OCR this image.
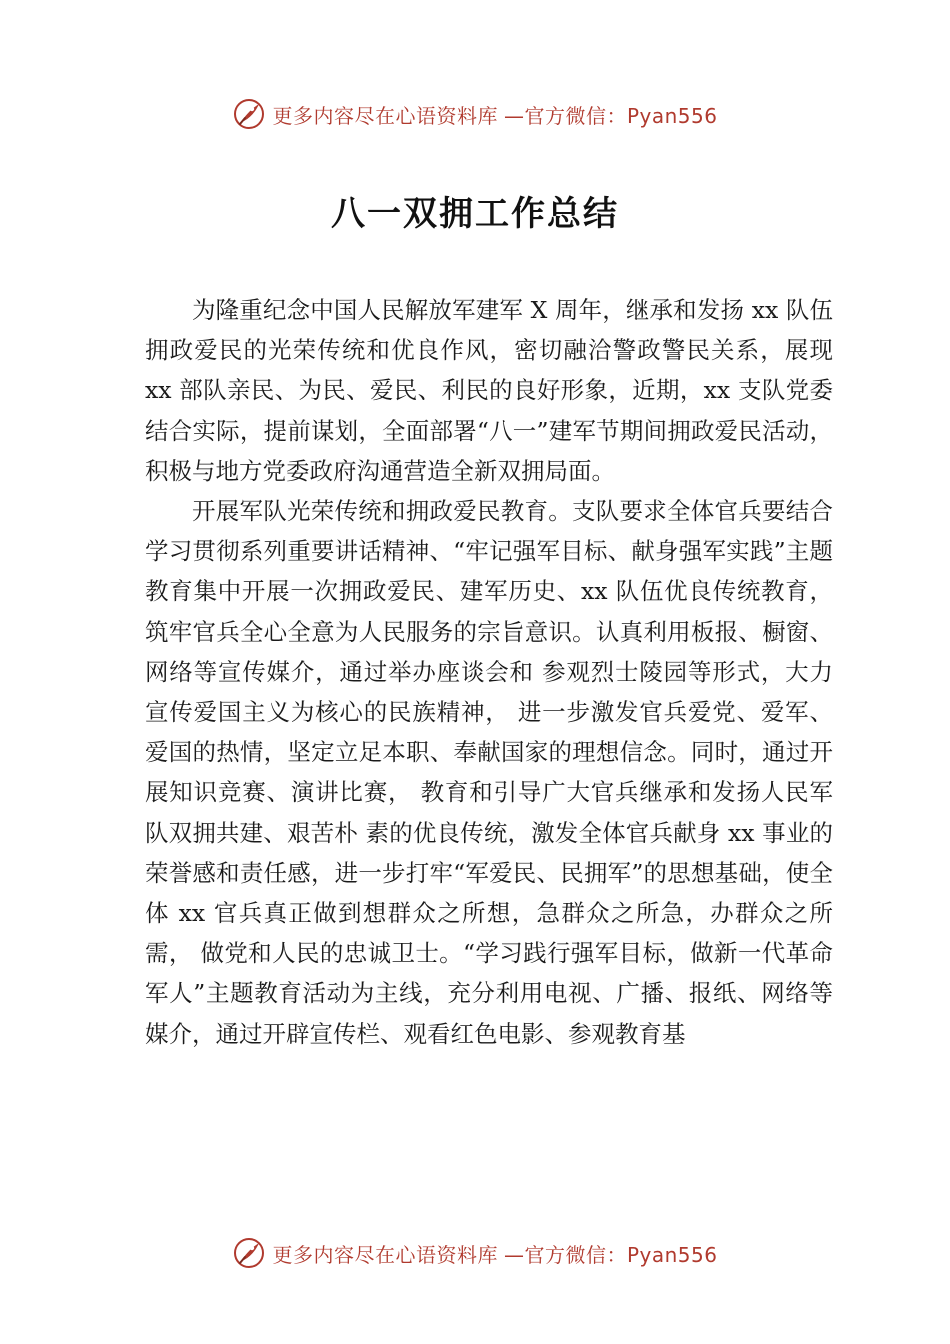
更多内容尽在心语资料库 —官方微信：Pyan556
八一双拥工作总结

为隆重纪念中国人民解放军建军 X 周年，继承和发扬 xx 队伍拥政爱民的光荣传统和优良作风，密切融洽警政警民关系，展现 xx 部队亲民、为民、爱民、利民的良好形象，近期，xx 支队党委结合实际，提前谋划，全面部署“八一”建军节期间拥政爱民活动，积极与地方党委政府沟通营造全新双拥局面。

开展军队光荣传统和拥政爱民教育。支队要求全体官兵要结合学习贯彻系列重要讲话精神、“牢记强军目标、献身强军实践”主题教育集中开展一次拥政爱民、建军历史、xx 队伍优良传统教育，筑牢官兵全心全意为人民服务的宗旨意识。认真利用板报、橱窗、网络等宣传媒介，通过举办座谈会和 参观烈士陵园等形式，大力宣传爱国主义为核心的民族精神， 进一步激发官兵爱党、爱军、爱国的热情，坚定立足本职、奉献国家的理想信念。同时，通过开展知识竞赛、演讲比赛， 教育和引导广大官兵继承和发扬人民军队双拥共建、艰苦朴 素的优良传统，激发全体官兵献身 xx 事业的荣誉感和责任感，进一步打牢“军爱民、民拥军”的思想基础，使全体 xx 官兵真正做到想群众之所想，急群众之所急，办群众之所需， 做党和人民的忠诚卫士。“学习践行强军目标，做新一代革命军人”主题教育活动为主线，充分利用电视、广播、报纸、网络等媒介，通过开辟宣传栏、观看红色电影、参观教育基

更多内容尽在心语资料库 —官方微信：Pyan556
